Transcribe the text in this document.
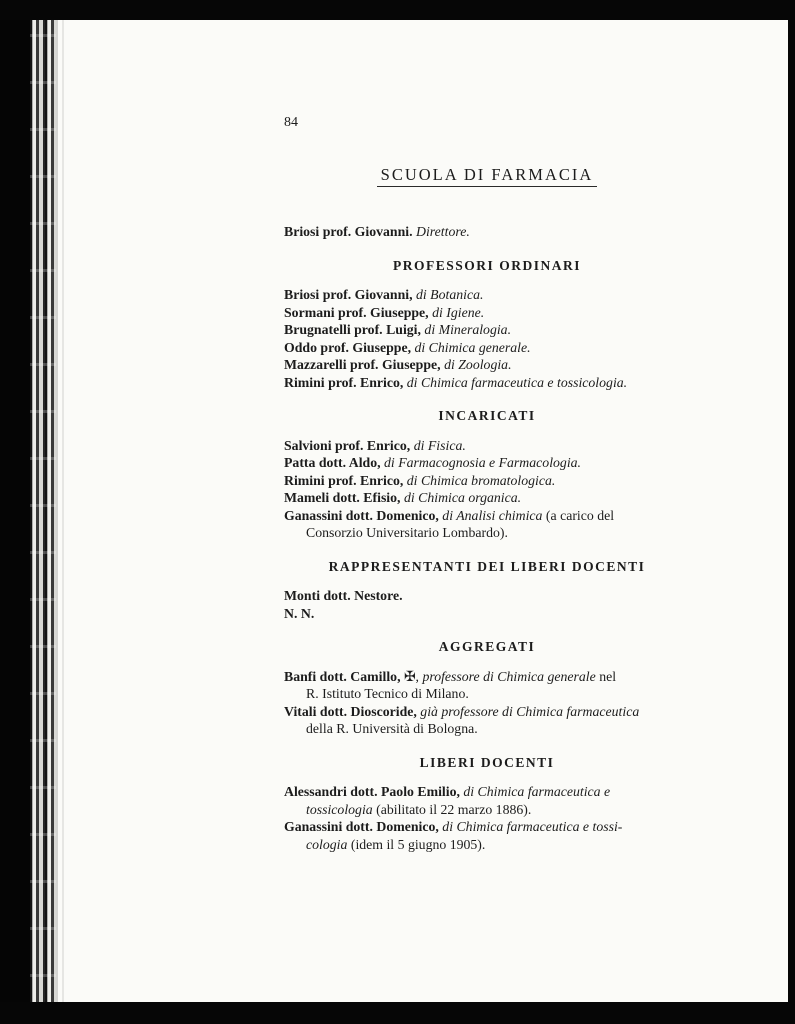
84
SCUOLA DI FARMACIA
Briosi prof. Giovanni. Direttore.
PROFESSORI ORDINARI
Briosi prof. Giovanni, di Botanica.
Sormani prof. Giuseppe, di Igiene.
Brugnatelli prof. Luigi, di Mineralogia.
Oddo prof. Giuseppe, di Chimica generale.
Mazzarelli prof. Giuseppe, di Zoologia.
Rimini prof. Enrico, di Chimica farmaceutica e tossicologia.
INCARICATI
Salvioni prof. Enrico, di Fisica.
Patta dott. Aldo, di Farmacognosia e Farmacologia.
Rimini prof. Enrico, di Chimica bromatologica.
Mameli dott. Efisio, di Chimica organica.
Ganassini dott. Domenico, di Analisi chimica (a carico del
Consorzio Universitario Lombardo).
RAPPRESENTANTI DEI LIBERI DOCENTI
Monti dott. Nestore.
N. N.
AGGREGATI
Banfi dott. Camillo, ✠, professore di Chimica generale nel
R. Istituto Tecnico di Milano.
Vitali dott. Dioscoride, già professore di Chimica farmaceutica
della R. Università di Bologna.
LIBERI DOCENTI
Alessandri dott. Paolo Emilio, di Chimica farmaceutica e
tossicologia (abilitato il 22 marzo 1886).
Ganassini dott. Domenico, di Chimica farmaceutica e tossi-
cologia (idem il 5 giugno 1905).
